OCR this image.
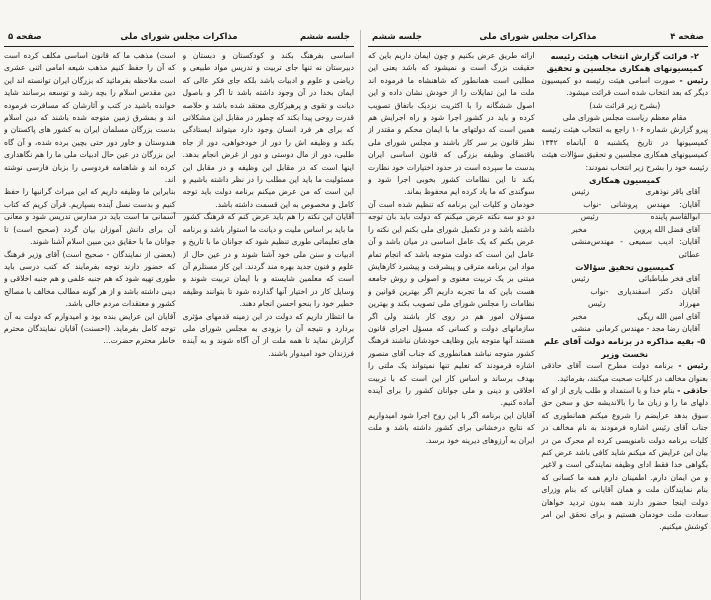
جلسه ششم
مذاکرات مجلس شورای ملی
صفحه ۵

اساسی بفرهنگ بکند و کودکستان و دبستان و دبیرستان نه تنها جای تربیت و تدریس مواد طبیعی و ریاضی و علوم و ادبیات باشد بلکه جای فکر عالی که ایمان بخدا در آن وجود داشته باشد تا اگر و باصول دیانت و تقوی و پرهیزکاری معتقد شده باشد و خلاصه قدرت روحی پیدا بکند که چطور در مقابل این مشکلاتی که برای هر فرد انسان وجود دارد میتواند ایستادگی بکند و وظیفه اش را دور از خودخواهی، دور از جاه طلبی، دور از مال دوستی و دور از غرض انجام بدهد. اینها است که در مقابل این وظیفه و در مقابل این مسئولیت ما باید این مطلب را در نظر داشته باشیم و این است که من عرض میکنم برنامه دولت باید توجه کامل و مخصوص به این قسمت داشته باشد.

آقایان این نکته را هم باید عرض کنم که فرهنگ کشور ما باید بر اساس ملیت و دیانت ما استوار باشد و برنامه های تعلیماتی طوری تنظیم شود که جوانان ما با تاریخ و ادبیات و سنن ملی خود آشنا شوند و در عین حال از علوم و فنون جدید بهره مند گردند. این کار مستلزم آن است که معلمین شایسته و با ایمان تربیت شوند و وسایل کار در اختیار آنها گذارده شود تا بتوانند وظیفه خطیر خود را بنحو احسن انجام دهند.

ما انتظار داریم که دولت در این زمینه قدمهای مؤثری بردارد و نتیجه آن را بزودی به مجلس شورای ملی گزارش نماید تا همه ملت از آن آگاه شوند و به آینده فرزندان خود امیدوار باشند.

است) مذهب ما که قانون اساسی مکلف کرده است که آن را حفظ کنیم مذهب شیعه امامی اثنی عشری است ملاحظه بفرمائید که بزرگان ایران توانسته اند این دین مقدس اسلام را بچه رشد و توسعه برسانند شاید خوانده باشید در کتب و آثارشان که مسافرت فرموده اند و بمشرق زمین متوجه شده باشند که دین اسلام بدست بزرگان مسلمان ایران به کشور های پاکستان و هندوستان و خاور دور حتی بچین برده شده، و آن گاه این بزرگان در عین حال ادبیات ملی ما را هم نگاهداری کرده اند و شاهنامه فردوسی را بزبان فارسی نوشته اند.

بنابراین ما وظیفه داریم که این میراث گرانبها را حفظ کنیم و بدست نسل آینده بسپاریم. قرآن کریم که کتاب آسمانی ما است باید در مدارس تدریس شود و معانی آن برای دانش آموزان بیان گردد (صحیح است) تا جوانان ما با حقایق دین مبین اسلام آشنا شوند.

(بعضی از نمایندگان - صحیح است) آقای وزیر فرهنگ که حضور دارند توجه بفرمایند که کتب درسی باید طوری تهیه شود که هم جنبه علمی و هم جنبه اخلاقی و دینی داشته باشد و از هر گونه مطالب مخالف با مصالح کشور و معتقدات مردم خالی باشد.

آقایان این عرایض بنده بود و امیدوارم که دولت به آن توجه کامل بفرماید. (احسنت) آقایان نمایندگان محترم خاطر محترم حضرت...

صفحه ۴
مذاکرات مجلس شورای ملی
جلسه ششم

۲- قرائت گزارش انتخاب هیئت رئیسه کمیسیونهای همکاری مجلسین و تحقیق

رئیس - صورت اسامی هیئت رئیسه دو کمیسیون دیگر که بعد انتخاب شده است قرائت میشود.

(بشرح زیر قرائت شد)

مقام معظم ریاست مجلس شورای ملی

پیرو گزارش شماره ۱۰۶ راجع به انتخاب هیئت رئیسه کمیسیونها در تاریخ یکشنبه ۵ آبانماه ۱۳۴۲ کمیسیونهای همکاری مجلسین و تحقیق سؤالات هیئت رئیسه خود را بشرح زیر انتخاب نمودند:

کمیسیون همکاری

آقای باقر نوذهری
رئیس
آقایان: مهندس پروشانی - ابوالقاسم پاینده
نواب رئیس
آقای فضل الله پروین
مخبر
آقایان: ادیب سمیعی - مهندس عطائی
منشی

کمیسیون تحقیق سؤالات

آقای فخر طباطبائی
رئیس
آقایان دکتر اسفندیاری - مهرزاد
نواب رئیس
آقای امین الله ریگی
مخبر
آقایان رضا مجد - مهندس کرمانی
منشی

۵- بقیه مذاکره در برنامه دولت آقای علم نخست وزیر

رئیس - برنامه دولت مطرح است آقای حاذقی بعنوان مخالف در کلیات صحبت میکنند، بفرمائید.

حاذقی - بنام خدا و با استمداد و طلب یاری از او که دلهای ما را و زبان ما را بالاندیشه حق و سخن حق سوق بدهد عرایضم را شروع میکنم همانطوری که جناب آقای رئیس اشاره فرمودند به نام مخالف در کلیات برنامه دولت نامنویسی کرده ام محرک من در بیان این عرایض که میکنم شاید کافی باشد عرض کنم بگواهی خدا فقط ادای وظیفه نمایندگی است و لاغیر و من ایمان دارم. اطمینان دارم همه ما کسانی که بنام نمایندگان ملت و همان آقایانی که بنام وزرای دولت اینجا حضور دارند همه بدون تردید خواهان سعادت ملت خودمان هستیم و برای تحقق این امر کوشش میکنیم.

ارائه طریق عرض بکنیم و چون ایمان داریم باین که حقیقت بزرگ است و نمیشود که باشد یعنی این مطلبی است همانطور که شاهنشاه ما فرموده اند ملت ما این تمایلات را از خودش نشان داده و این اصول ششگانه را با اکثریت نزدیک باتفاق تصویب کرده و باید در کشور اجرا شود و راه اجرایش هم همین است که دولتهای ما با ایمان محکم و مقتدر از نظر قانون بر سر کار باشند و مجلس شورای ملی باقتضای وظیفه بزرگی که قانون اساسی ایران بدست ما سپرده است در حدود اختیارات خود نظارت بکند تا این نظامات کشور بخوبی اجرا شود و سوگندی که ما یاد کرده ایم محفوظ بماند.

خودمان و کلیات این برنامه که تنظیم شده است آن دو دو سه نکته عرض میکنم که دولت باید بان توجه داشته باشد و در تکمیل شورای ملی بکنم این نکته را عرض بکنم که یک عامل اساسی در میان باشد و آن عامل این است که دولت متوجه باشد که انجام تمام مواد این برنامه مترقی و پیشرفت و پیشبرد کارهایش مبتنی بر یک تربیت معنوی و اصولی و روش جامعه هست باین که ما تجربه داریم اگر بهترین قوانین و نظامات را مجلس شورای ملی تصویب بکند و بهترین مسؤلان امور هم در روی کار باشند ولی اگر سازمانهای دولت و کسانی که مسؤل اجرای قانون هستند آنها متوجه باین وظایف خودشان نباشند فرهنگ کشور متوجه نباشد همانطوری که جناب آقای منصور اشاره فرمودند که تعلیم تنها نمیتواند یک ملتی را بهدف برساند و اساس کار این است که با تربیت اخلاقی و دینی و ملی جوانان کشور را برای آینده آماده کنیم.

آقایان این برنامه اگر با این روح اجرا شود امیدواریم که نتایج درخشانی برای کشور داشته باشد و ملت ایران به آرزوهای دیرینه خود برسد.
